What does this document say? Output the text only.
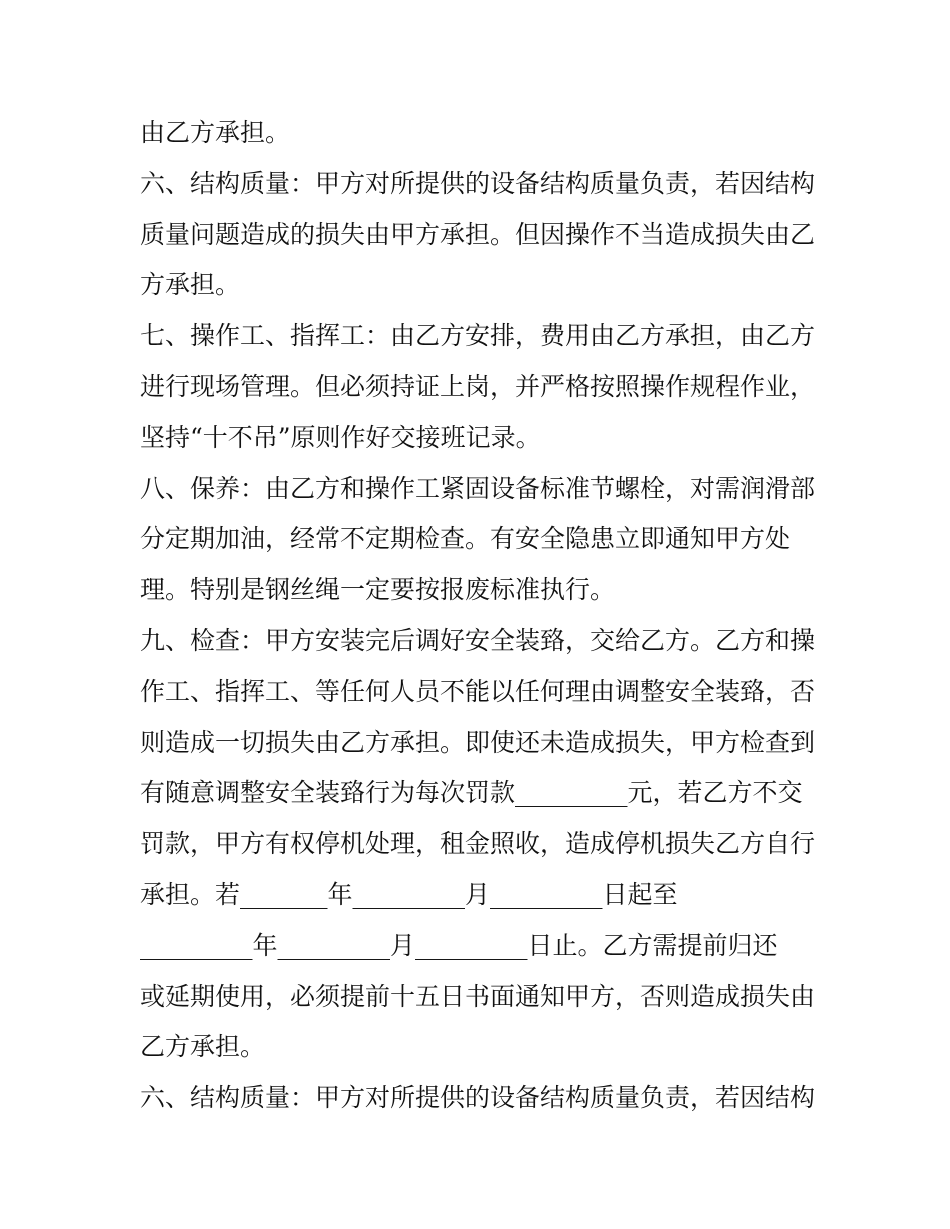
由乙方承担。
六、结构质量：甲方对所提供的设备结构质量负责，若因结构
质量问题造成的损失由甲方承担。但因操作不当造成损失由乙
方承担。
七、操作工、指挥工：由乙方安排，费用由乙方承担，由乙方
进行现场管理。但必须持证上岗，并严格按照操作规程作业，
坚持“十不吊”原则作好交接班记录。
八、保养：由乙方和操作工紧固设备标准节螺栓，对需润滑部
分定期加油，经常不定期检查。有安全隐患立即通知甲方处
理。特别是钢丝绳一定要按报废标准执行。
九、检查：甲方安装完后调好安全装臵，交给乙方。乙方和操
作工、指挥工、等任何人员不能以任何理由调整安全装臵，否
则造成一切损失由乙方承担。即使还未造成损失，甲方检查到
有随意调整安全装臵行为每次罚款_________元，若乙方不交
罚款，甲方有权停机处理，租金照收，造成停机损失乙方自行
承担。若_______年_________月_________日起至
_________年_________月_________日止。乙方需提前归还
或延期使用，必须提前十五日书面通知甲方，否则造成损失由
乙方承担。
六、结构质量：甲方对所提供的设备结构质量负责，若因结构
